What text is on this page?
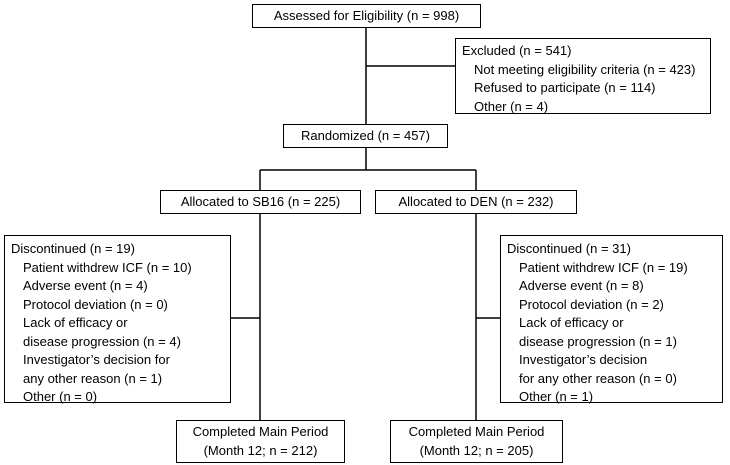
Assessed for Eligibility (n = 998)
Excluded (n = 541)
Not meeting eligibility criteria (n = 423)
Refused to participate (n = 114)
Other (n = 4)
Randomized (n = 457)
Allocated to SB16 (n = 225)	Allocated to DEN (n = 232)
Discontinued (n = 19)
Patient withdrew ICF (n = 10)
Adverse event (n = 4)
Protocol deviation (n = 0)
Lack of efficacy or
disease progression (n = 4)
Investigator’s decision for
any other reason (n = 1)
Other (n = 0)
Discontinued (n = 31)
Patient withdrew ICF (n = 19)
Adverse event (n = 8)
Protocol deviation (n = 2)
Lack of efficacy or
disease progression (n = 1)
Investigator’s decision
for any other reason (n = 0)
Other (n = 1)
Completed Main Period
(Month 12; n = 212)
Completed Main Period
(Month 12; n = 205)
